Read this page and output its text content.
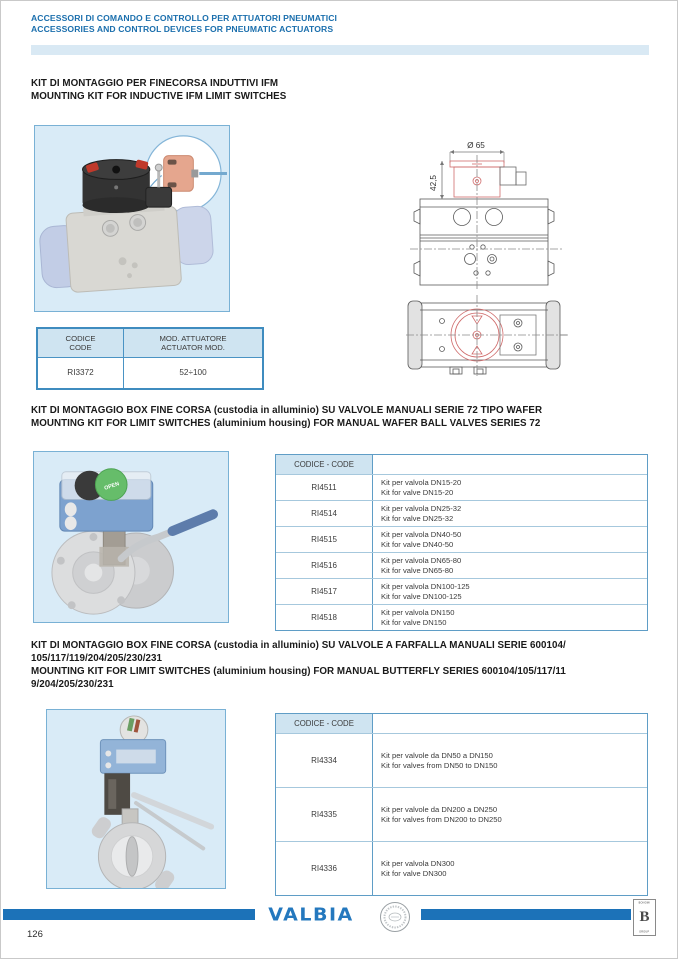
ACCESSORI DI COMANDO E CONTROLLO PER ATTUATORI PNEUMATICI
ACCESSORIES AND CONTROL DEVICES FOR PNEUMATIC ACTUATORS
KIT DI MONTAGGIO PER FINECORSA INDUTTIVI IFM
MOUNTING KIT FOR INDUCTIVE IFM LIMIT SWITCHES
Ø 65
42,5
CODICE
CODE
MOD. ATTUATORE
ACTUATOR MOD.
RI3372	52÷100
KIT DI MONTAGGIO BOX FINE CORSA (custodia in alluminio) SU VALVOLE MANUALI SERIE 72 TIPO WAFER
MOUNTING KIT FOR LIMIT SWITCHES (aluminium housing) FOR MANUAL WAFER BALL VALVES SERIES 72
OPEN
CODICE - CODE
RI4511
Kit per valvola DN15-20
Kit for valve DN15-20
RI4514
Kit per valvola DN25-32
Kit for valve DN25-32
RI4515
Kit per valvola DN40-50
Kit for valve DN40-50
RI4516
Kit per valvola DN65-80
Kit for valve DN65-80
RI4517
Kit per valvola DN100-125
Kit for valve DN100-125
RI4518
Kit per valvola DN150
Kit for valve DN150
KIT DI MONTAGGIO BOX FINE CORSA (custodia in alluminio) SU VALVOLE A FARFALLA MANUALI SERIE 600104/
105/117/119/204/205/230/231
MOUNTING KIT FOR LIMIT SWITCHES (aluminium housing) FOR MANUAL BUTTERFLY SERIES 600104/105/117/11
9/204/205/230/231
CODICE - CODE
RI4334
Kit per valvole da DN50 a DN150
Kit for valves from DN50 to DN150
RI4335
Kit per valvole da DN200 a DN250
Kit for valves from DN200 to DN250
RI4336
Kit per valvola DN300
Kit for valve DN300
VALBIA
BONOMI
B
GROUP
126
